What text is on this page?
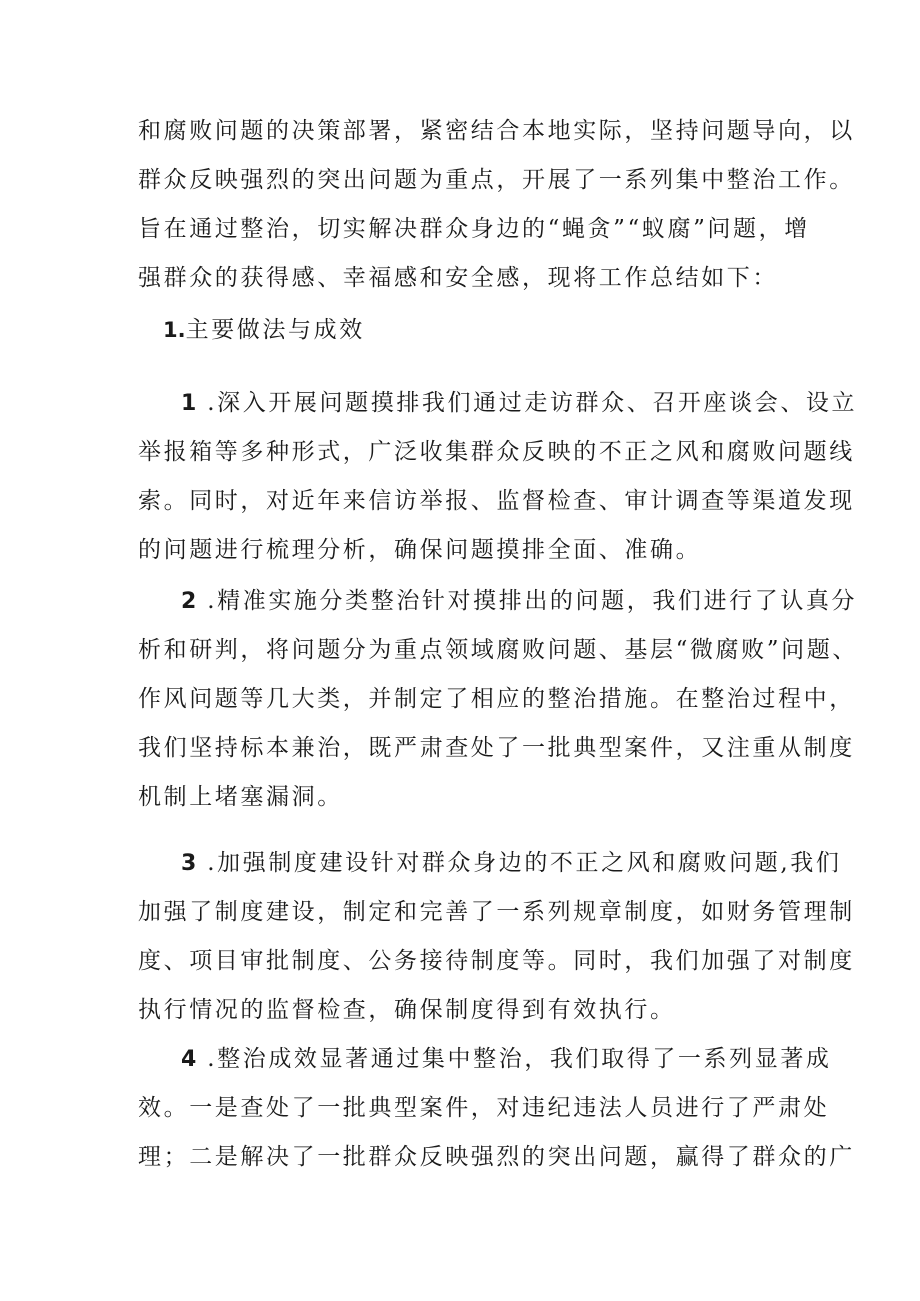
和腐败问题的决策部署，紧密结合本地实际，坚持问题导向，以
群众反映强烈的突出问题为重点，开展了一系列集中整治工作。
旨在通过整治，切实解决群众身边的“蝇贪”“蚁腐”问题，增
强群众的获得感、幸福感和安全感，现将工作总结如下：
1.主要做法与成效
1 .深入开展问题摸排我们通过走访群众、召开座谈会、设立
举报箱等多种形式，广泛收集群众反映的不正之风和腐败问题线
索。同时，对近年来信访举报、监督检查、审计调查等渠道发现
的问题进行梳理分析，确保问题摸排全面、准确。
2 .精准实施分类整治针对摸排出的问题，我们进行了认真分
析和研判，将问题分为重点领域腐败问题、基层“微腐败”问题、
作风问题等几大类，并制定了相应的整治措施。在整治过程中，
我们坚持标本兼治，既严肃查处了一批典型案件，又注重从制度
机制上堵塞漏洞。
3 .加强制度建设针对群众身边的不正之风和腐败问题,我们
加强了制度建设，制定和完善了一系列规章制度，如财务管理制
度、项目审批制度、公务接待制度等。同时，我们加强了对制度
执行情况的监督检查，确保制度得到有效执行。
4 .整治成效显著通过集中整治，我们取得了一系列显著成
效。一是查处了一批典型案件，对违纪违法人员进行了严肃处
理；二是解决了一批群众反映强烈的突出问题，赢得了群众的广
